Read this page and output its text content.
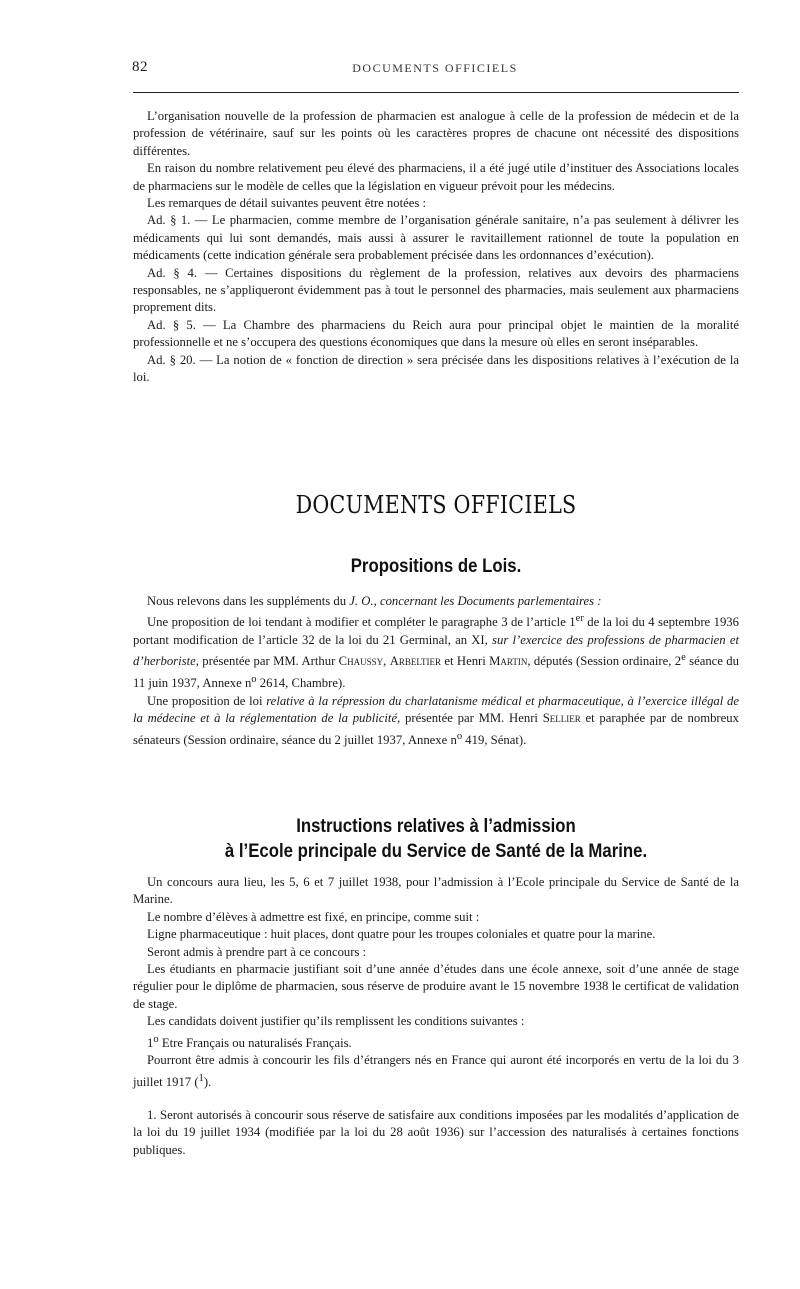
82	DOCUMENTS OFFICIELS

L’organisation nouvelle de la profession de pharmacien est analogue à celle de la profession de médecin et de la profession de vétérinaire, sauf sur les points où les caractères propres de chacune ont nécessité des dispositions différentes.

En raison du nombre relativement peu élevé des pharmaciens, il a été jugé utile d’instituer des Associations locales de pharmaciens sur le modèle de celles que la législation en vigueur prévoit pour les médecins.

Les remarques de détail suivantes peuvent être notées :

Ad. § 1. — Le pharmacien, comme membre de l’organisation générale sanitaire, n’a pas seulement à délivrer les médicaments qui lui sont demandés, mais aussi à assurer le ravitaillement rationnel de toute la population en médicaments (cette indication générale sera probablement précisée dans les ordonnances d’exécution).

Ad. § 4. — Certaines dispositions du règlement de la profession, relatives aux devoirs des pharmaciens responsables, ne s’appliqueront évidemment pas à tout le personnel des pharmacies, mais seulement aux pharmaciens proprement dits.

Ad. § 5. — La Chambre des pharmaciens du Reich aura pour principal objet le maintien de la moralité professionnelle et ne s’occupera des questions économiques que dans la mesure où elles en seront inséparables.

Ad. § 20. — La notion de « fonction de direction » sera précisée dans les dispositions relatives à l’exécution de la loi.

DOCUMENTS OFFICIELS
Propositions de Lois.

Nous relevons dans les suppléments du J. O., concernant les Documents parlementaires :

Une proposition de loi tendant à modifier et compléter le paragraphe 3 de l’article 1er de la loi du 4 septembre 1936 portant modification de l’article 32 de la loi du 21 Germinal, an XI, sur l’exercice des professions de pharmacien et d’herboriste, présentée par MM. Arthur Chaussy, Arbeltier et Henri Martin, députés (Session ordinaire, 2e séance du 11 juin 1937, Annexe $n^o$ 2614, Chambre).

Une proposition de loi relative à la répression du charlatanisme médical et pharmaceutique, à l’exercice illégal de la médecine et à la réglementation de la publicité, présentée par MM. Henri Sellier et paraphée par de nombreux sénateurs (Session ordinaire, séance du 2 juillet 1937, Annexe $n^o$ 419, Sénat).

Instructions relatives à l’admission
à l’Ecole principale du Service de Santé de la Marine.

Un concours aura lieu, les 5, 6 et 7 juillet 1938, pour l’admission à l’Ecole principale du Service de Santé de la Marine.

Le nombre d’élèves à admettre est fixé, en principe, comme suit :

Ligne pharmaceutique : huit places, dont quatre pour les troupes coloniales et quatre pour la marine.

Seront admis à prendre part à ce concours :

Les étudiants en pharmacie justifiant soit d’une année d’études dans une école annexe, soit d’une année de stage régulier pour le diplôme de pharmacien, sous réserve de produire avant le 15 novembre 1938 le certificat de validation de stage.

Les candidats doivent justifier qu’ils remplissent les conditions suivantes :

1$^o$ Etre Français ou naturalisés Français.

Pourront être admis à concourir les fils d’étrangers nés en France qui auront été incorporés en vertu de la loi du 3 juillet 1917 ($^1$).

1. Seront autorisés à concourir sous réserve de satisfaire aux conditions imposées par les modalités d’application de la loi du 19 juillet 1934 (modifiée par la loi du 28 août 1936) sur l’accession des naturalisés à certaines fonctions publiques.
